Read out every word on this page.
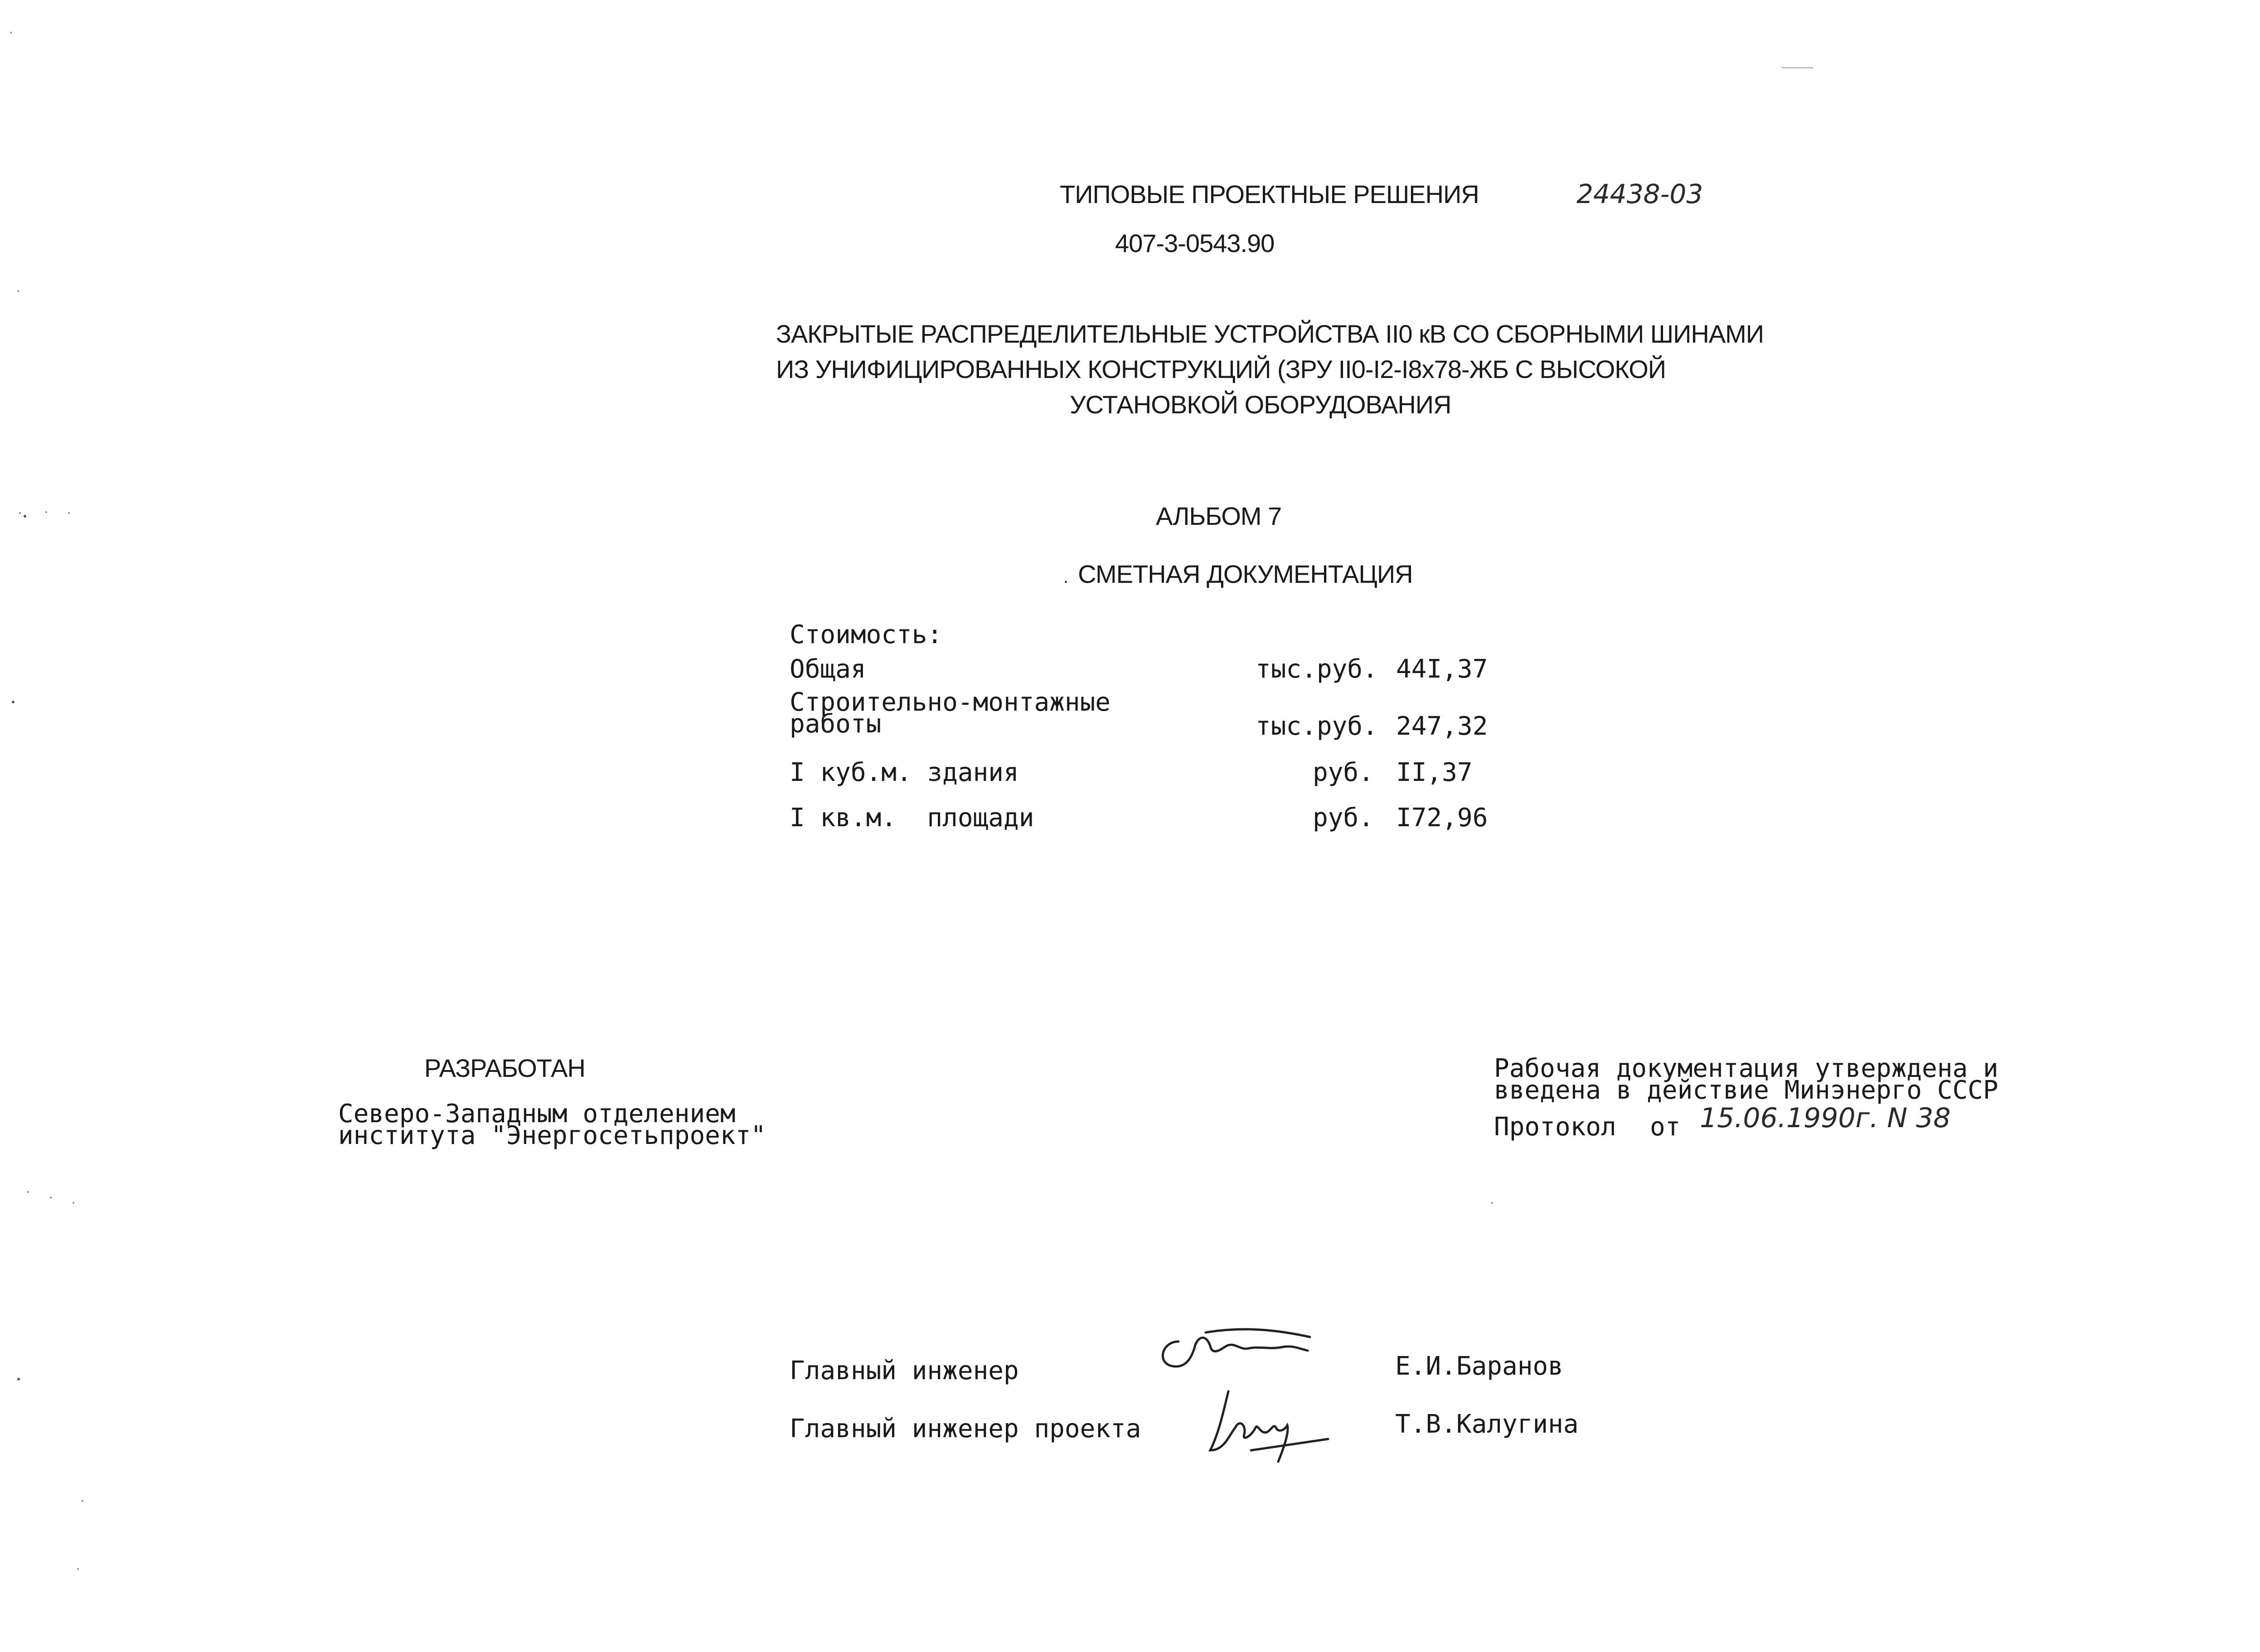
ТИПОВЫЕ ПРОЕКТНЫЕ РЕШЕНИЯ	24438-03
407-3-0543.90
ЗАКРЫТЫЕ РАСПРЕДЕЛИТЕЛЬНЫЕ УСТРОЙСТВА II0 кВ СО СБОРНЫМИ ШИНАМИ
ИЗ УНИФИЦИРОВАННЫХ КОНСТРУКЦИЙ (ЗРУ II0-I2-I8x78-ЖБ С ВЫСОКОЙ
УСТАНОВКОЙ ОБОРУДОВАНИЯ
АЛЬБОМ 7
. СМЕТНАЯ ДОКУМЕНТАЦИЯ
Стоимость:
Общая	тыс.руб. 44I,37
Строительно-монтажные
работы	тыс.руб. 247,32
I куб.м. здания	руб. II,37
I кв.м.  площади	руб. I72,96
РАЗРАБОТАН
Северо-Западным отделением
института "Энергосетьпроект"
Рабочая документация утверждена и
введена в действие Минэнерго СССР
Протокол от 15.06.1990г. N 38
Главный инженер	Е.И.Баранов
Главный инженер проекта	Т.В.Калугина
